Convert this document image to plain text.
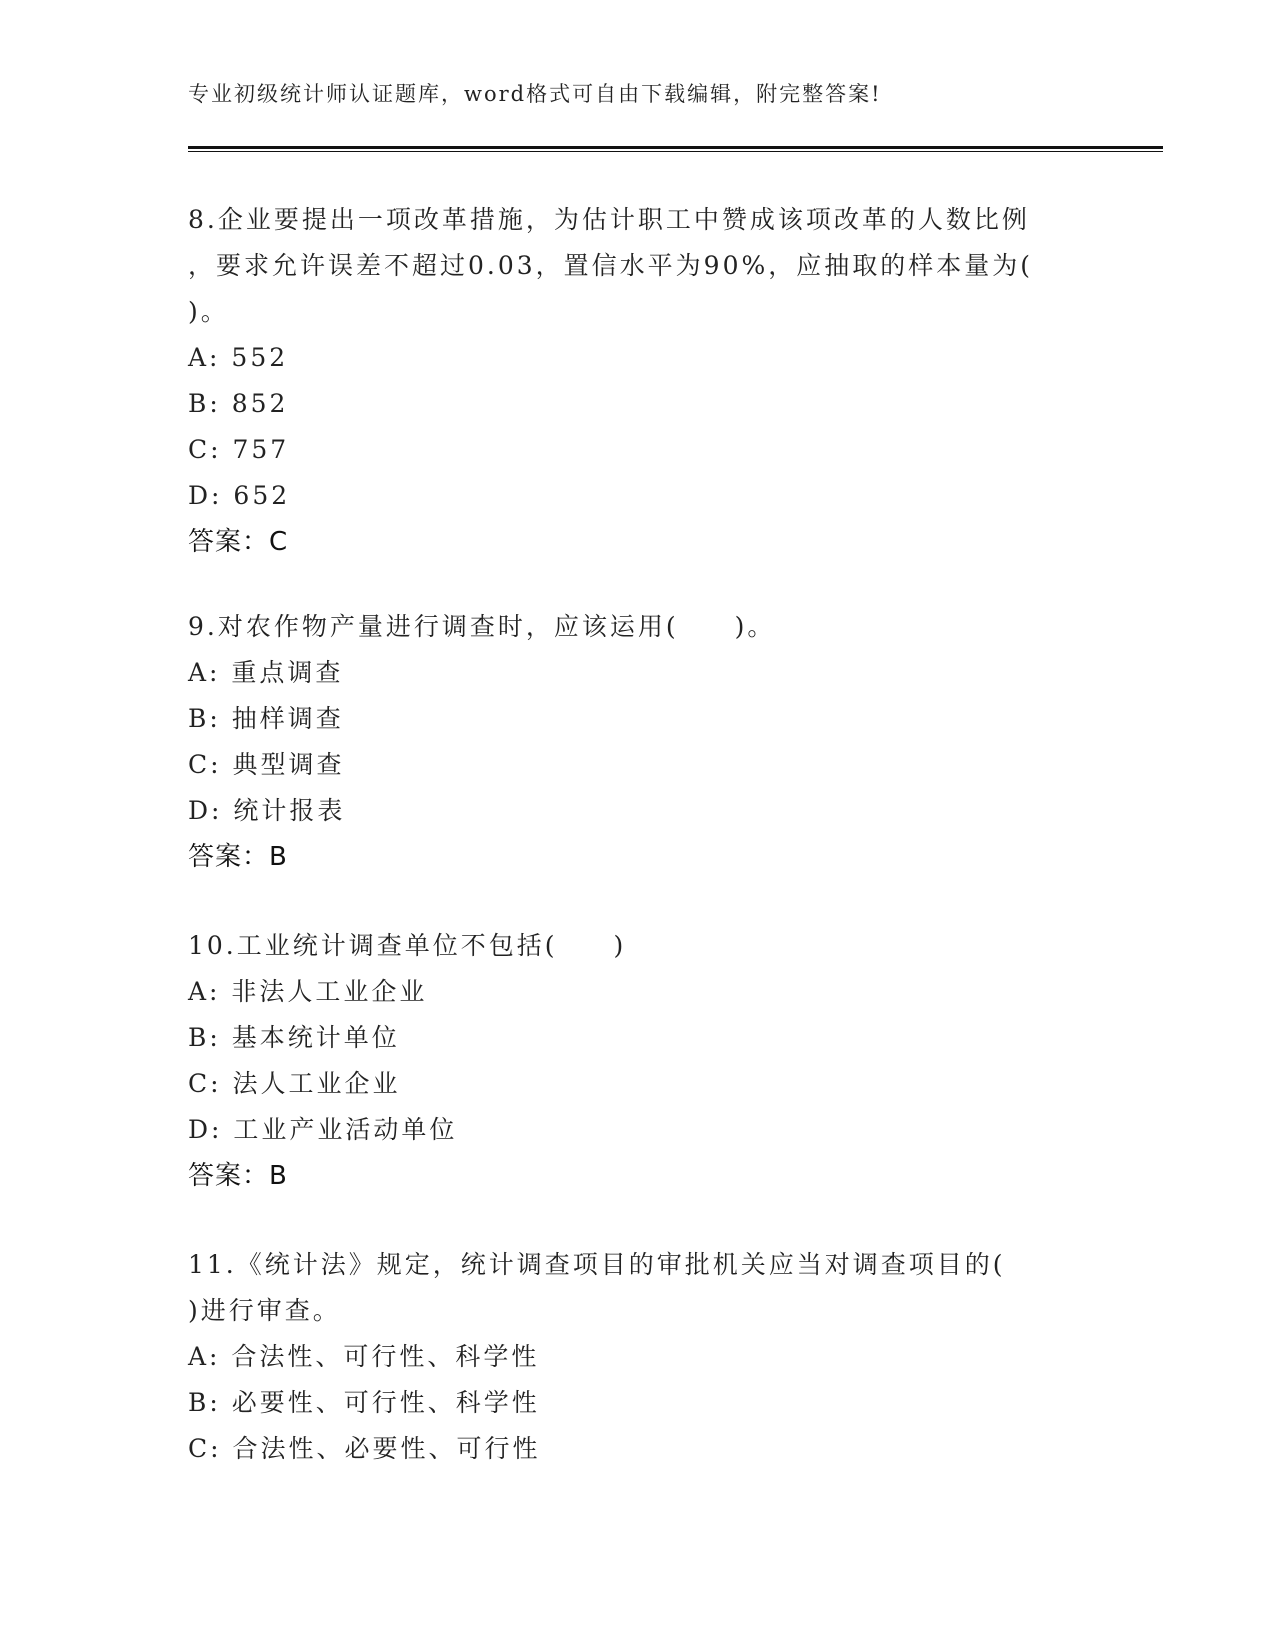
专业初级统计师认证题库，word格式可自由下载编辑，附完整答案!
8.企业要提出一项改革措施，为估计职工中赞成该项改革的人数比例
，要求允许误差不超过0.03，置信水平为90%，应抽取的样本量为(
)。
A: 552
B: 852
C: 757
D: 652
答案：C
9.对农作物产量进行调查时，应该运用(　　)。
A: 重点调查
B: 抽样调查
C: 典型调查
D: 统计报表
答案：B
10.工业统计调查单位不包括(　　)
A: 非法人工业企业
B: 基本统计单位
C: 法人工业企业
D: 工业产业活动单位
答案：B
11.《统计法》规定，统计调查项目的审批机关应当对调查项目的(
)进行审查。
A: 合法性、可行性、科学性
B: 必要性、可行性、科学性
C: 合法性、必要性、可行性
